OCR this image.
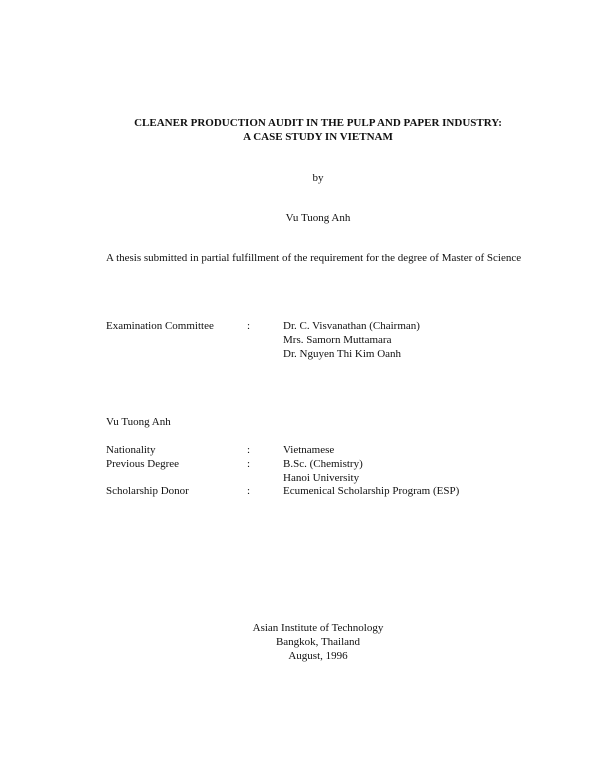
CLEANER PRODUCTION AUDIT IN THE PULP AND PAPER INDUSTRY:
A CASE STUDY IN VIETNAM
by
Vu Tuong Anh
A thesis submitted in partial fulfillment of the requirement for the degree of Master of Science
Examination Committee	:	Dr. C. Visvanathan (Chairman)
Mrs. Samorn Muttamara
Dr. Nguyen Thi Kim Oanh
Vu Tuong Anh
Nationality	:	Vietnamese
Previous Degree	:	B.Sc. (Chemistry)
Hanoi University
Scholarship Donor	:	Ecumenical Scholarship Program (ESP)
Asian Institute of Technology
Bangkok, Thailand
August, 1996
